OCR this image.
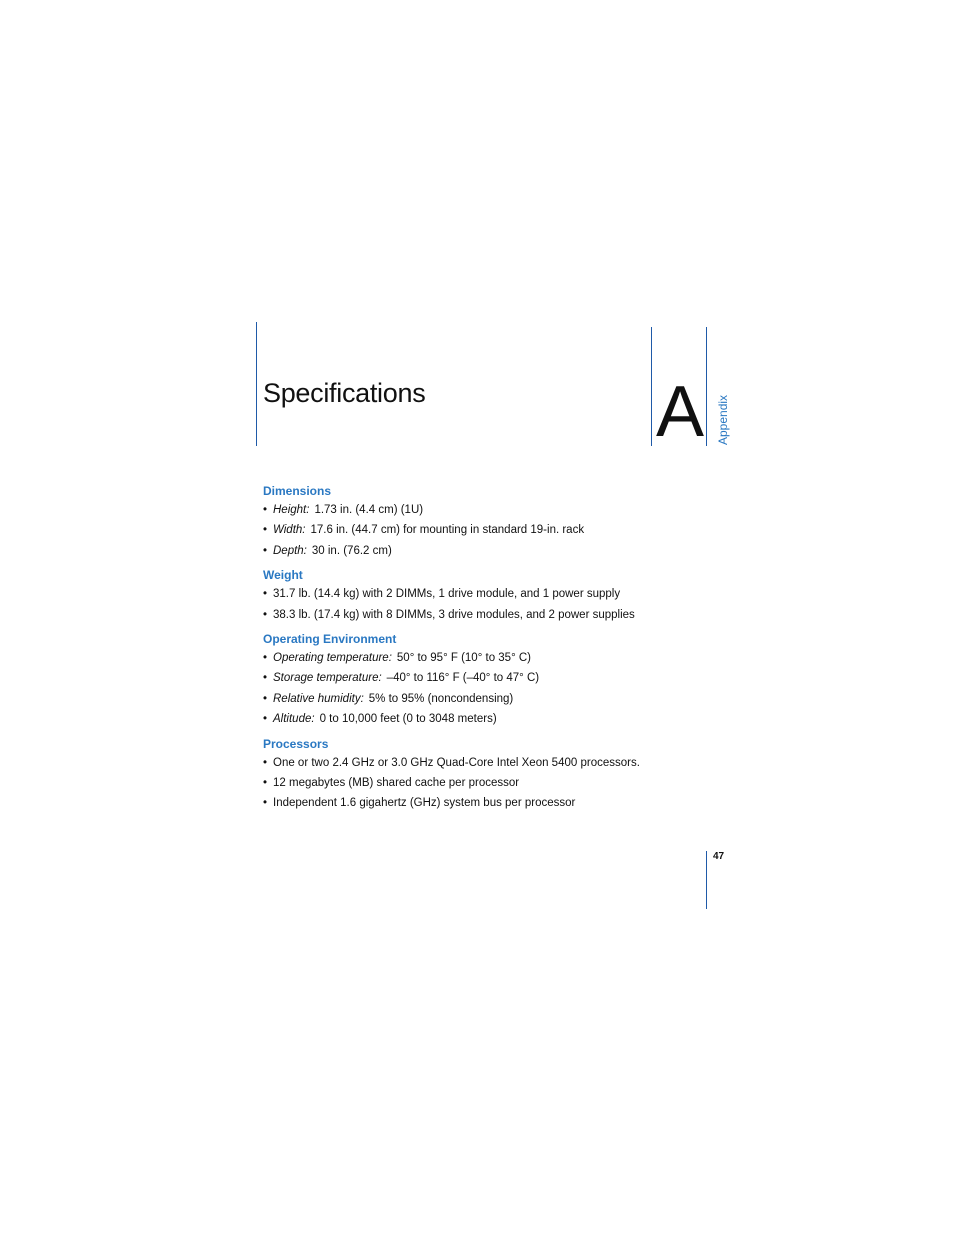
Specifications	A Appendix
Dimensions
• Height: 1.73 in. (4.4 cm) (1U)
• Width: 17.6 in. (44.7 cm) for mounting in standard 19-in. rack
• Depth: 30 in. (76.2 cm)
Weight
• 31.7 lb. (14.4 kg) with 2 DIMMs, 1 drive module, and 1 power supply
• 38.3 lb. (17.4 kg) with 8 DIMMs, 3 drive modules, and 2 power supplies
Operating Environment
• Operating temperature: 50° to 95° F (10° to 35° C)
• Storage temperature: –40° to 116° F (–40° to 47° C)
• Relative humidity: 5% to 95% (noncondensing)
• Altitude: 0 to 10,000 feet (0 to 3048 meters)
Processors
• One or two 2.4 GHz or 3.0 GHz Quad-Core Intel Xeon 5400 processors.
• 12 megabytes (MB) shared cache per processor
• Independent 1.6 gigahertz (GHz) system bus per processor
47
